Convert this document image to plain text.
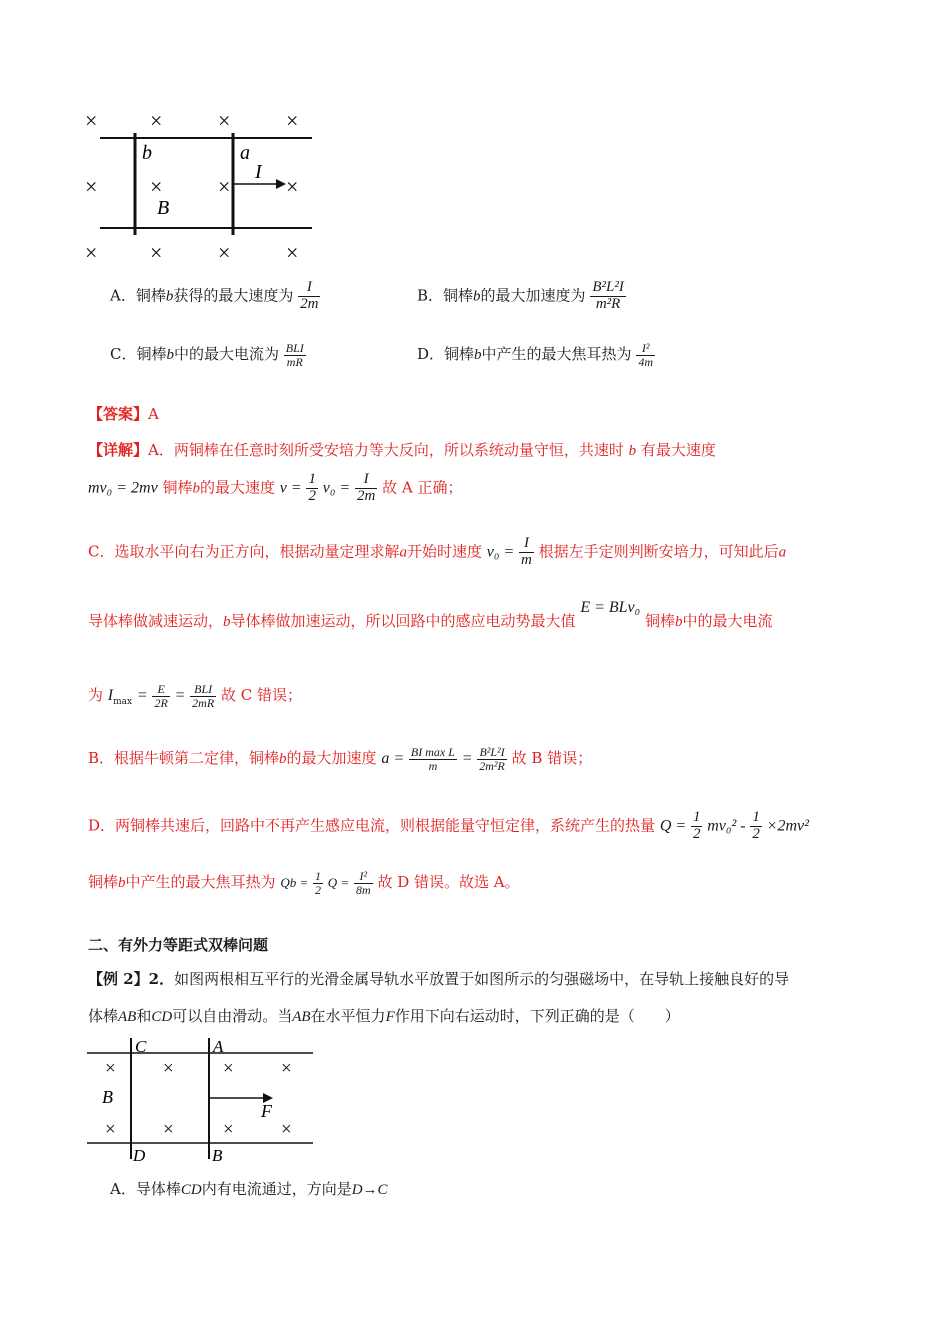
× ×	×	×
× ×	×	×
× ×	×	×
b	a
I
B
A．铜棒b获得的最大速度为 $\frac{I}{2m}$	B．铜棒b的最大加速度为 $\frac{\text{B²L²I}}{\text{m²R}}$
C．铜棒b中的最大电流为 $\frac{\text{BLI}}{mR}$	D．铜棒b中产生的最大焦耳热为 $\frac{\text{I²}}{4m}$
【答案】A
【详解】A．两铜棒在任意时刻所受安培力等大反向，所以系统动量守恒，共速时 b 有最大速度
mv₀ = 2mv 铜棒b的最大速度 $v = \frac{1}{2} v_0 = \frac{I}{2m}$ 故 A 正确；
C．选取水平向右为正方向，根据动量定理求解a开始时速度 $v_0 = \frac{I}{m}$ 根据左手定则判断安培力，可知此后a
导体棒做减速运动，b导体棒做加速运动，所以回路中的感应电动势最大值 E = BLv₀ 铜棒b中的最大电流
为 $I_{max} = \frac{E}{2R} = \frac{\text{BLI}}{2mR}$ 故 C 错误；
B．根据牛顿第二定律，铜棒b的最大加速度 $a = \frac{\text{BI max L}}{m} = \frac{\text{B²L²I}}{\text{2m²R}}$ 故 B 错误；
D．两铜棒共速后，回路中不再产生感应电流，则根据能量守恒定律，系统产生的热量 $Q = \frac{1}{2} mv_0^2 - \frac{1}{2} \times 2mv^2$
铜棒b中产生的最大焦耳热为 $Qb = \frac{1}{2}$ $Q = \frac{\text{I²}}{8m}$ 故 D 错误。故选 A。
二、有外力等距式双棒问题
【例 2】2．如图两根相互平行的光滑金属导轨水平放置于如图所示的匀强磁场中，在导轨上接触良好的导
体棒AB和CD可以自由滑动。当AB在水平恒力F作用下向右运动时，下列正确的是（　　）
C	A
× ×	× ×
× ×	× ×
B
F
D	B
A．导体棒CD内有电流通过，方向是D→C
